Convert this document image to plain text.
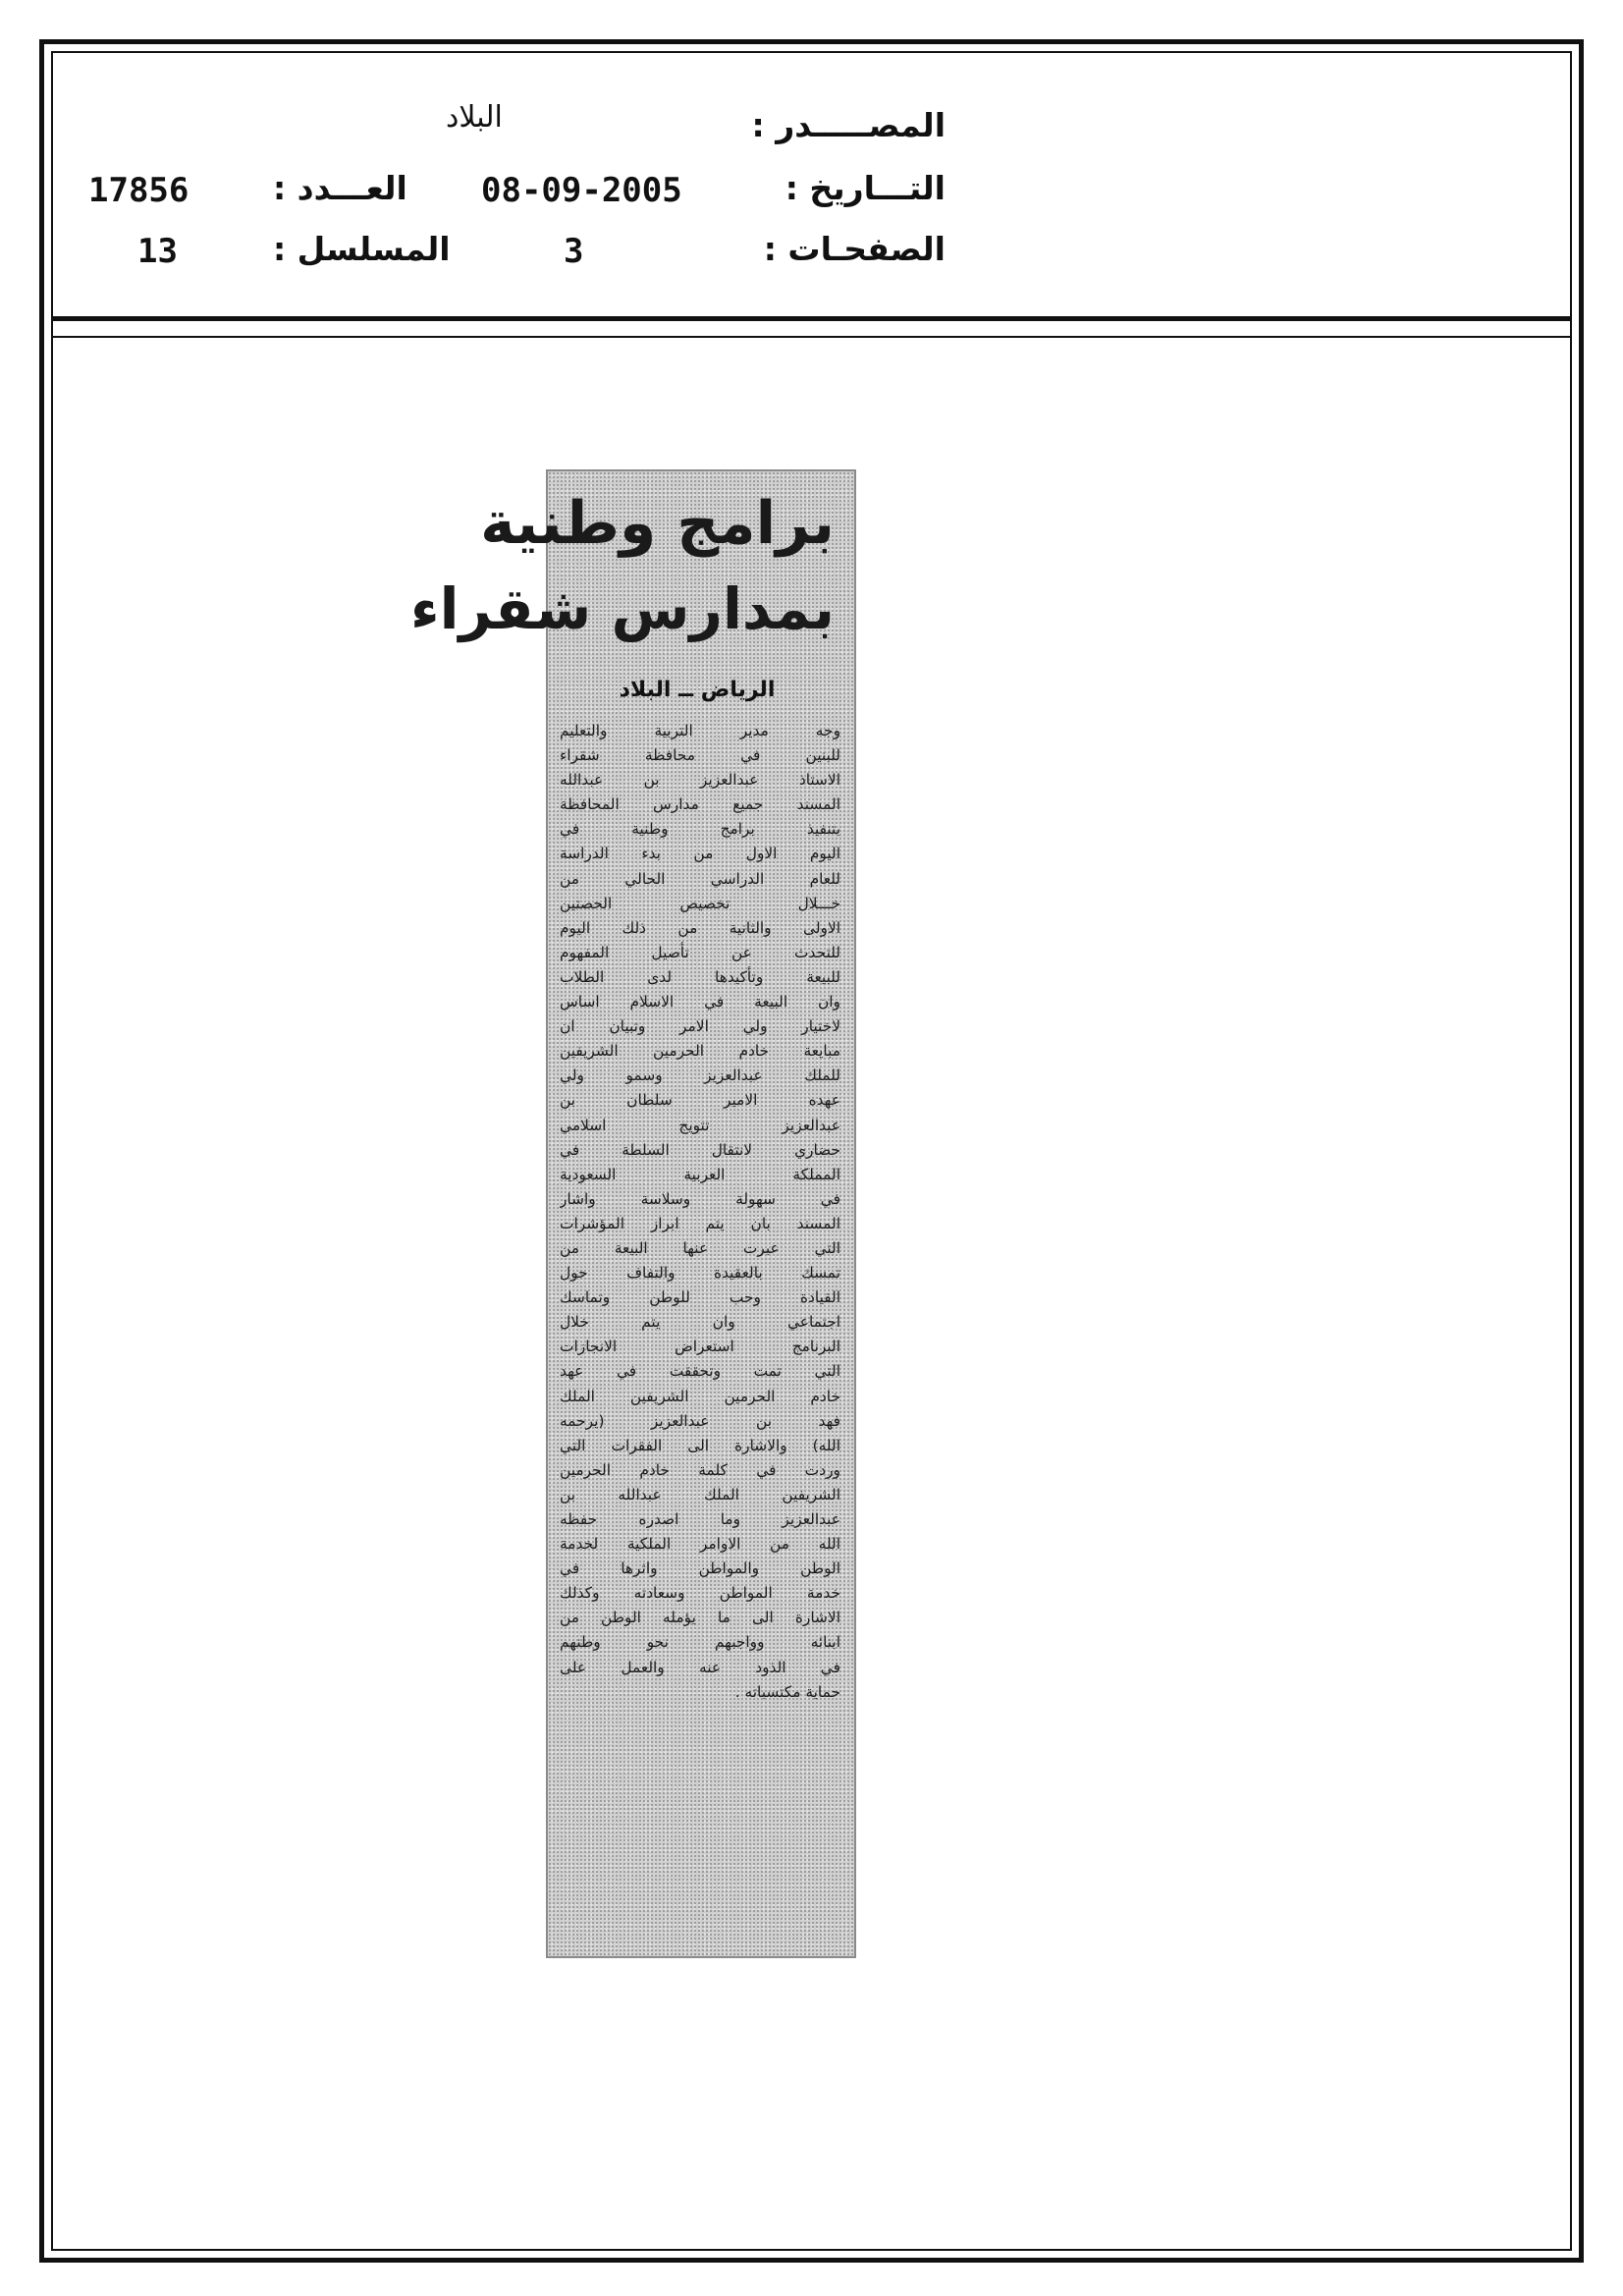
المصـــــدر :
البلاد
التـــاريخ :
08-09-2005
العـــدد :
17856
الصفحـات :
3
المسلسل :
13
برامج وطنية
بمدارس شقراء
الرياض ــ البلاد
وجه مدير التربية والتعليم
للبنين في محافظة شقراء
الاستاذ عبدالعزيز بن عبدالله
المسند جميع مدارس المحافظة
بتنفيذ برامج وطنية في
اليوم الاول من بدء الدراسة
للعام الدراسي الحالي من
خـــلال تخصيص الحصتين
الاولى والثانية من ذلك اليوم
للتحدث عن تأصيل المفهوم
للبيعة وتأكيدها لدى الطلاب
وان البيعة في الاسلام اساس
لاختيار ولي الامر وتبيان ان
مبايعة خادم الحرمين الشريفين
للملك عبدالعزيز وسمو ولي
عهده الامير سلطان بن
عبدالعزيز تتويج اسلامي
حضاري لانتقال السلطة في
المملكة العربية السعودية
في سهولة وسلاسة واشار
المسند بان يتم ابراز المؤشرات
التي عبرت عنها البيعة من
تمسك بالعقيدة والتفاف حول
القيادة وحب للوطن وتماسك
اجتماعي وان يتم خلال
البرنامج استعراض الانجازات
التي تمت وتحققت في عهد
خادم الحرمين الشريفين الملك
فهد بن عبدالعزيز (يرحمه
الله) والاشارة الى الفقرات التي
وردت في كلمة خادم الحرمين
الشريفين الملك عبدالله بن
عبدالعزيز وما اصدره حفظه
الله من الاوامر الملكية لخدمة
الوطن والمواطن واثرها في
خدمة المواطن وسعادته وكذلك
الاشارة الى ما يؤمله الوطن من
ابنائه وواجبهم نحو وطنهم
في الذود عنه والعمل على
حماية مكتسباته .
